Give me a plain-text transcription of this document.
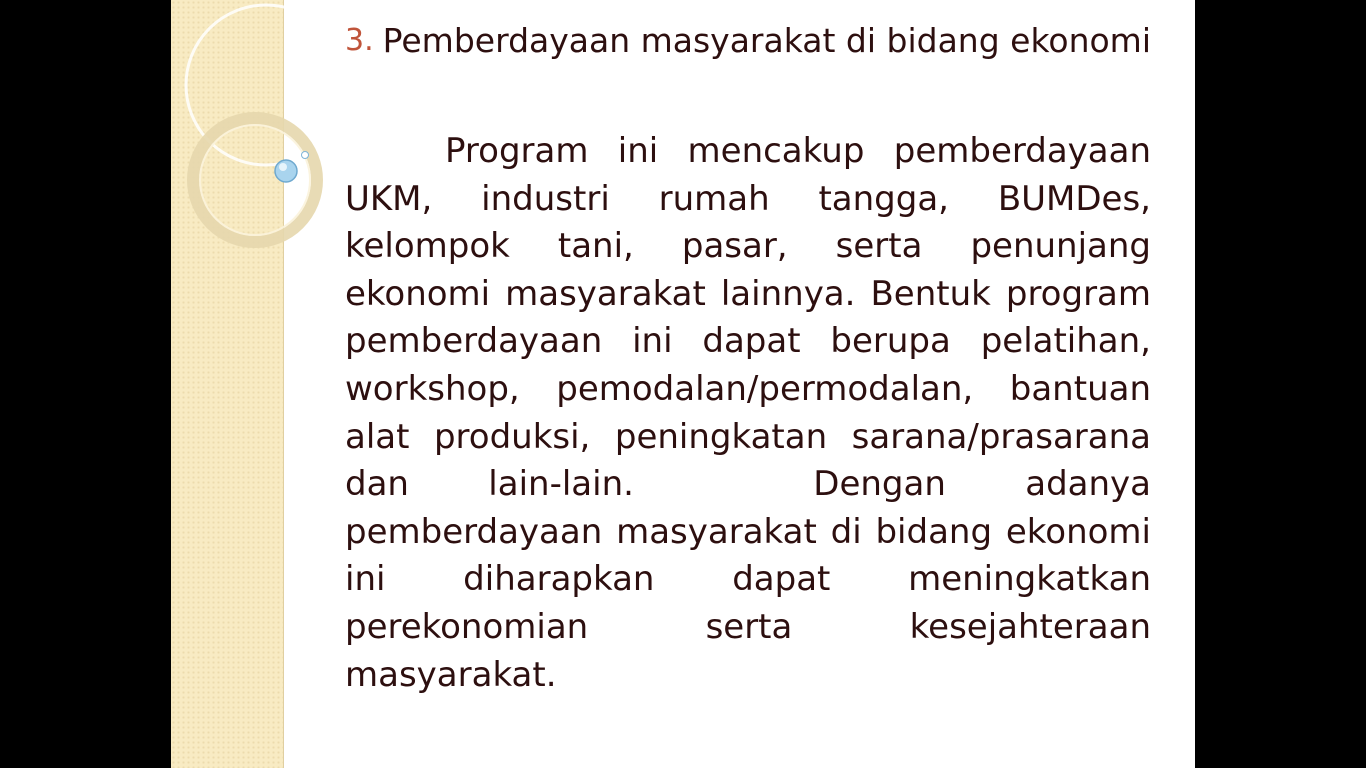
3. Pemberdayaan masyarakat di bidang ekonomi

Program ini mencakup pemberdayaan UKM, industri rumah tangga, BUMDes, kelompok tani, pasar, serta penunjang ekonomi masyarakat lainnya. Bentuk program pemberdayaan ini dapat berupa pelatihan, workshop, pemodalan/permodalan, bantuan alat produksi, peningkatan sarana/prasarana dan lain-lain.	Dengan adanya pemberdayaan masyarakat di bidang ekonomi ini diharapkan dapat meningkatkan perekonomian serta kesejahteraan masyarakat.
